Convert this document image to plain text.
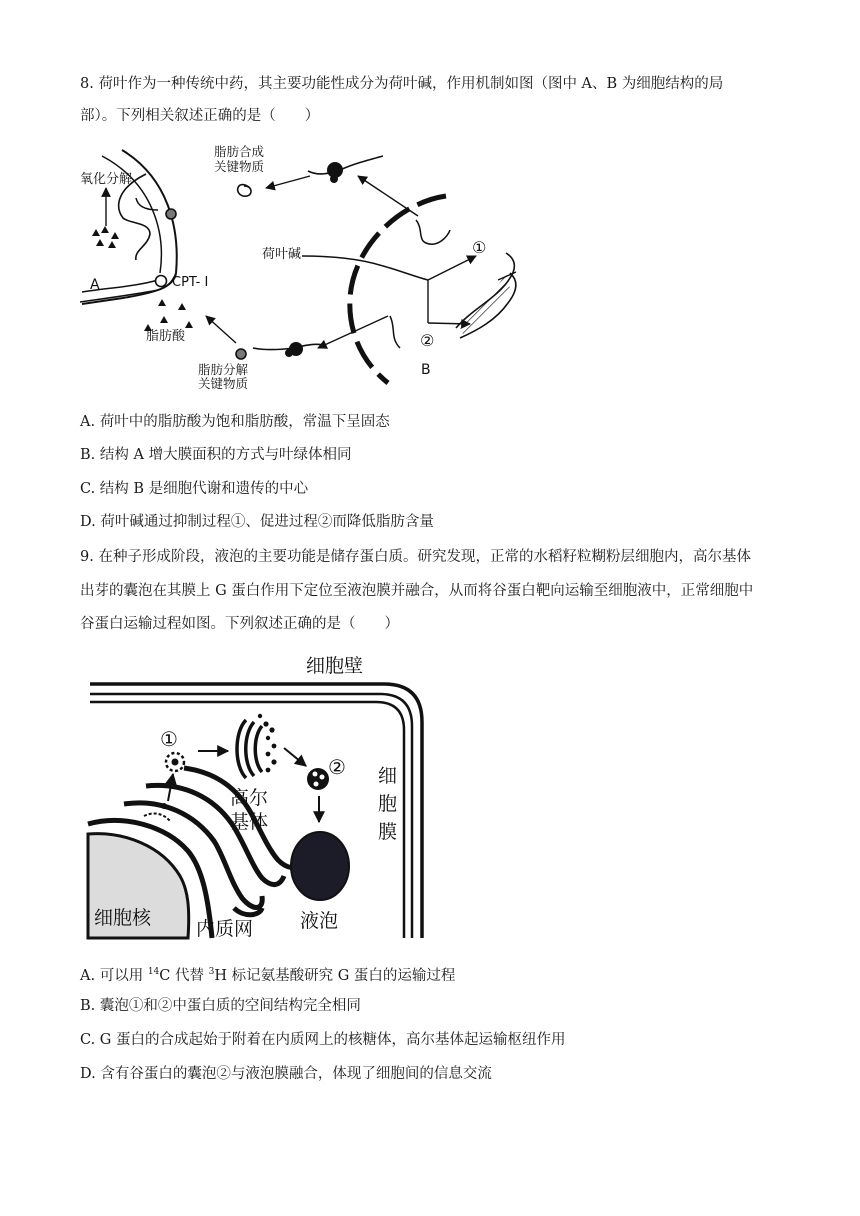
8. 荷叶作为一种传统中药，其主要功能性成分为荷叶碱，作用机制如图（图中 A、B 为细胞结构的局
部）。下列相关叙述正确的是（　　）
氧化分解
A	CPT- I
脂肪酸
脂肪合成
关键物质
荷叶碱
脂肪分解
关键物质
①
②
B
A. 荷叶中的脂肪酸为饱和脂肪酸，常温下呈固态
B. 结构 A 增大膜面积的方式与叶绿体相同
C. 结构 B 是细胞代谢和遗传的中心
D. 荷叶碱通过抑制过程①、促进过程②而降低脂肪含量
9. 在种子形成阶段，液泡的主要功能是储存蛋白质。研究发现，正常的水稻籽粒糊粉层细胞内，高尔基体
出芽的囊泡在其膜上 G 蛋白作用下定位至液泡膜并融合，从而将谷蛋白靶向运输至细胞液中，正常细胞中
谷蛋白运输过程如图。下列叙述正确的是（　　）
细胞壁
细
胞
膜
细胞核 内质网
①
高尔
基体
②
液泡
A. 可以用 $^{14}$C 代替 $^3$H 标记氨基酸研究 G 蛋白的运输过程
B. 囊泡①和②中蛋白质的空间结构完全相同
C. G 蛋白的合成起始于附着在内质网上的核糖体，高尔基体起运输枢纽作用
D. 含有谷蛋白的囊泡②与液泡膜融合，体现了细胞间的信息交流
